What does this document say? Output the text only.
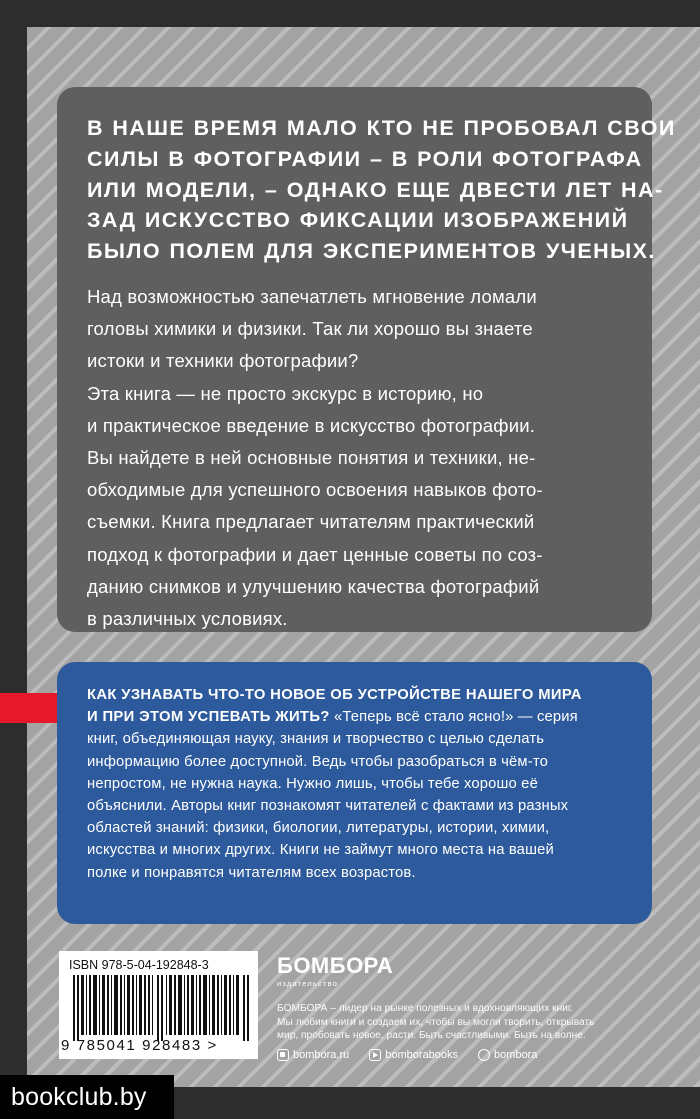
В НАШЕ ВРЕМЯ МАЛО КТО НЕ ПРОБОВАЛ СВОИ
СИЛЫ В ФОТОГРАФИИ – В РОЛИ ФОТОГРАФА
ИЛИ МОДЕЛИ, – ОДНАКО ЕЩЕ ДВЕСТИ ЛЕТ НА-
ЗАД ИСКУССТВО ФИКСАЦИИ ИЗОБРАЖЕНИЙ
БЫЛО ПОЛЕМ ДЛЯ ЭКСПЕРИМЕНТОВ УЧЕНЫХ.
Над возможностью запечатлеть мгновение ломали
головы химики и физики. Так ли хорошо вы знаете
истоки и техники фотографии?
Эта книга — не просто экскурс в историю, но
и практическое введение в искусство фотографии.
Вы найдете в ней основные понятия и техники, не-
обходимые для успешного освоения навыков фото-
съемки. Книга предлагает читателям практический
подход к фотографии и дает ценные советы по соз-
данию снимков и улучшению качества фотографий
в различных условиях.
КАК УЗНАВАТЬ ЧТО-ТО НОВОЕ ОБ УСТРОЙСТВЕ НАШЕГО МИРА
И ПРИ ЭТОМ УСПЕВАТЬ ЖИТЬ? «Теперь всё стало ясно!» — серия
книг, объединяющая науку, знания и творчество с целью сделать
информацию более доступной. Ведь чтобы разобраться в чём-то
непростом, не нужна наука. Нужно лишь, чтобы тебе хорошо её
объяснили. Авторы книг познакомят читателей с фактами из разных
областей знаний: физики, биологии, литературы, истории, химии,
искусства и многих других. Книги не займут много места на вашей
полке и понравятся читателям всех возрастов.
ISBN 978-5-04-192848-3
9 785041 928483 >
БОМБОРА
издательство
БОМБОРА – лидер на рынке полезных и вдохновляющих книг.
Мы любим книги и создаем их, чтобы вы могли творить, открывать
мир, пробовать новое, расти. Быть счастливыми. Быть на волне.
bombora.ru	bomborabooks	bombora
bookclub.by
